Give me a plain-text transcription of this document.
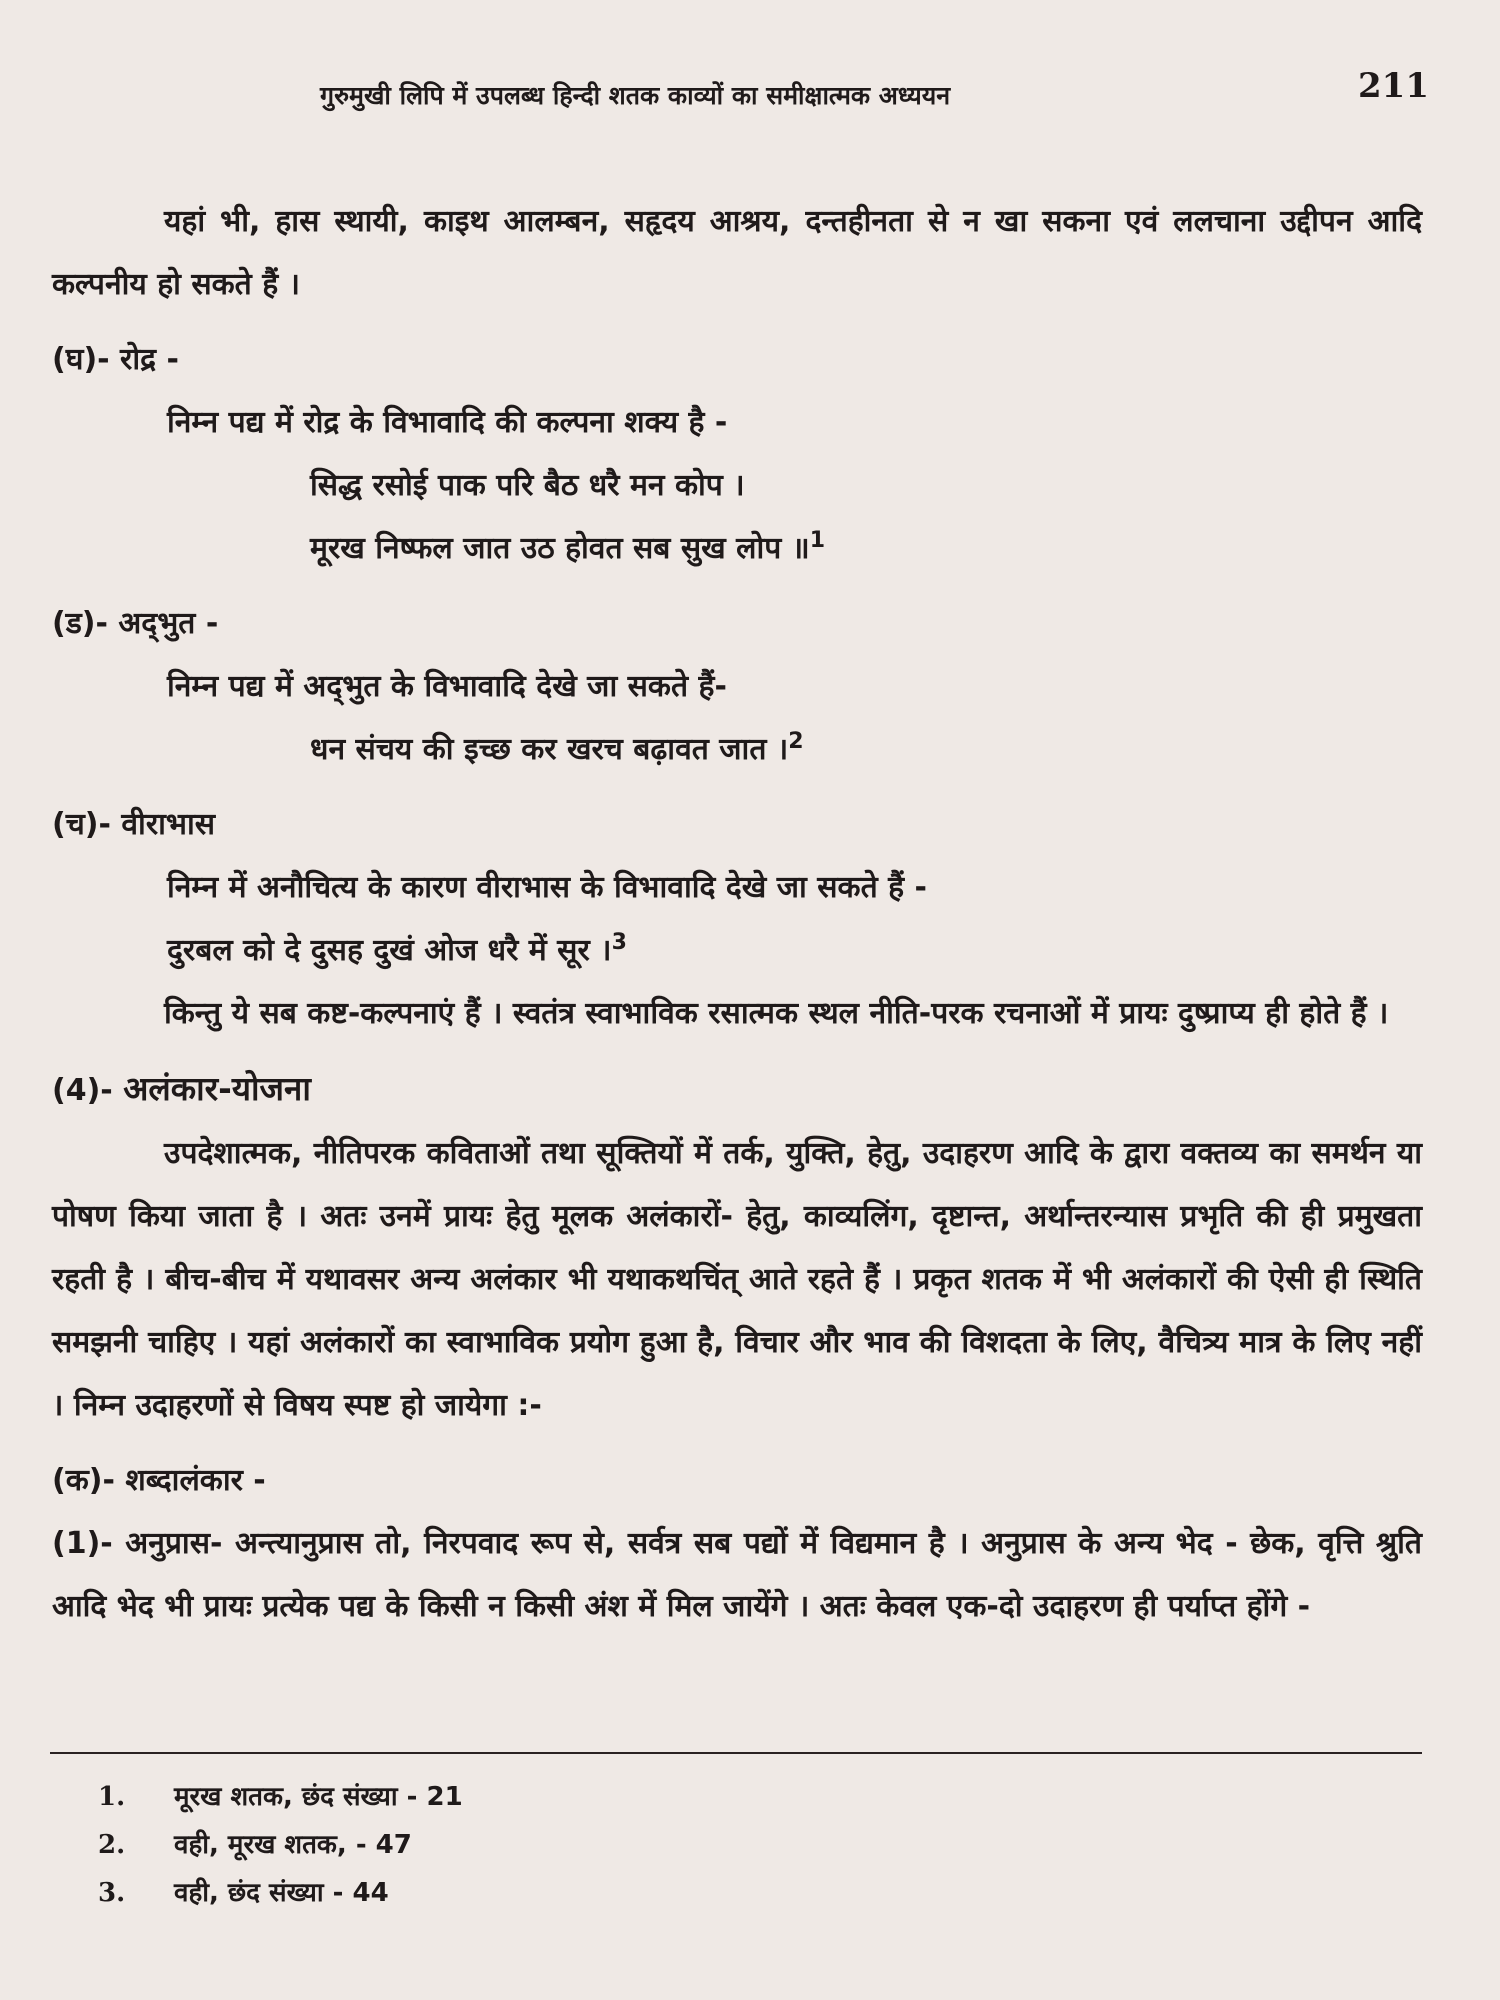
गुरुमुखी लिपि में उपलब्ध हिन्दी शतक काव्यों का समीक्षात्मक अध्ययन	211

यहां भी, हास स्थायी, काइथ आलम्बन, सहृदय आश्रय, दन्तहीनता से न खा सकना एवं ललचाना उद्दीपन आदि कल्पनीय हो सकते हैं ।

(घ)- रोद्र -

निम्न पद्य में रोद्र के विभावादि की कल्पना शक्य है -

सिद्ध रसोई पाक परि बैठ धरै मन कोप ।

मूरख निष्फल जात उठ होवत सब सुख लोप ॥$^1$

(ड)- अद्‌भुत -

निम्न पद्य में अद्‌भुत के विभावादि देखे जा सकते हैं-

धन संचय की इच्छ कर खरच बढ़ावत जात ।$^2$

(च)- वीराभास

निम्न में अनौचित्य के कारण वीराभास के विभावादि देखे जा सकते हैं -

दुरबल को दे दुसह दुखं ओज धरै में सूर ।$^3$

किन्तु ये सब कष्ट-कल्पनाएं हैं । स्वतंत्र स्वाभाविक रसात्मक स्थल नीति-परक रचनाओं में प्रायः दुष्प्राप्य ही होते हैं ।

(4)- अलंकार-योजना

उपदेशात्मक, नीतिपरक कविताओं तथा सूक्तियों में तर्क, युक्ति, हेतु, उदाहरण आदि के द्वारा वक्तव्य का समर्थन या पोषण किया जाता है । अतः उनमें प्रायः हेतु मूलक अलंकारों- हेतु, काव्यलिंग, दृष्टान्त, अर्थान्तरन्यास प्रभृति की ही प्रमुखता रहती है । बीच-बीच में यथावसर अन्य अलंकार भी यथाकथचिंत् आते रहते हैं । प्रकृत शतक में भी अलंकारों की ऐसी ही स्थिति समझनी चाहिए । यहां अलंकारों का स्वाभाविक प्रयोग हुआ है, विचार और भाव की विशदता के लिए, वैचित्र्य मात्र के लिए नहीं । निम्न उदाहरणों से विषय स्पष्ट हो जायेगा :-

(क)- शब्दालंकार -

(1)- अनुप्रास- अन्त्यानुप्रास तो, निरपवाद रूप से, सर्वत्र सब पद्यों में विद्यमान है । अनुप्रास के अन्य भेद - छेक, वृत्ति श्रुति आदि भेद भी प्रायः प्रत्येक पद्य के किसी न किसी अंश में मिल जायेंगे । अतः केवल एक-दो उदाहरण ही पर्याप्त होंगे -

1.	मूरख शतक, छंद संख्या - 21
2.	वही, मूरख शतक, - 47
3.	वही, छंद संख्या - 44
